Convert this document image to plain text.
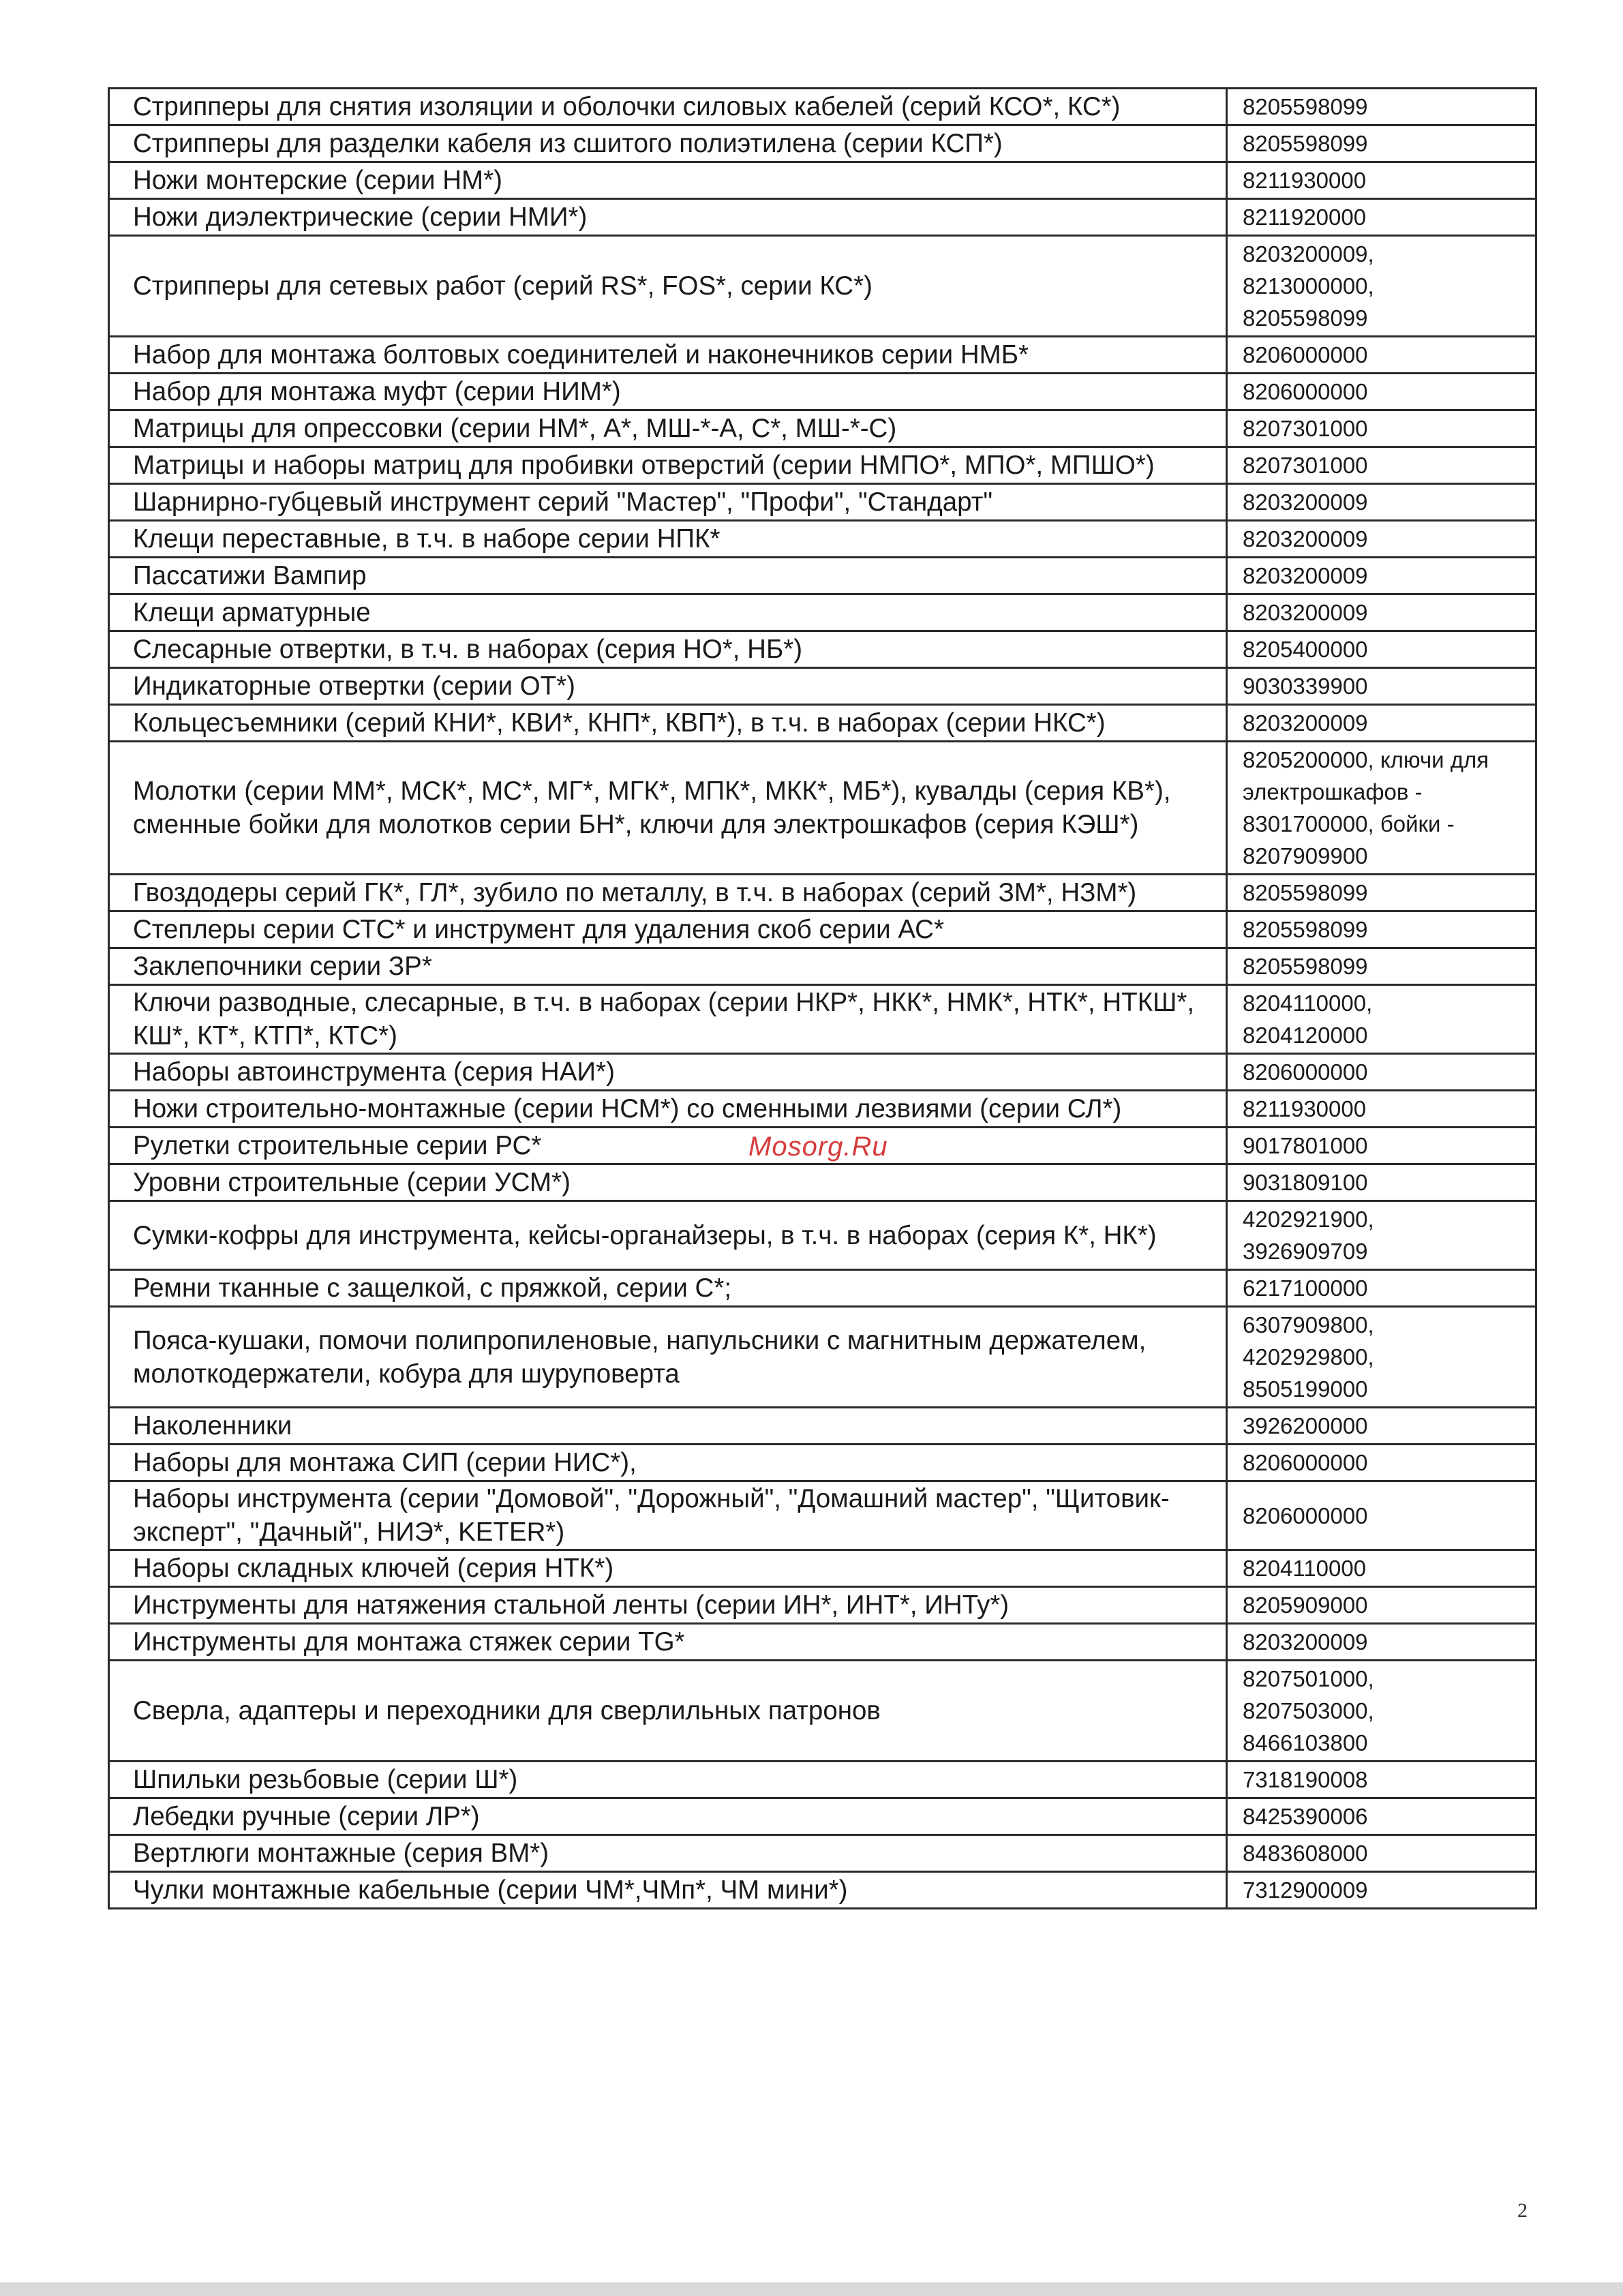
Стрипперы для снятия изоляции и оболочки силовых кабелей (серий КСО*, КС*)	8205598099

Стрипперы для разделки кабеля из сшитого полиэтилена (серии КСП*)	8205598099

Ножи монтерские (серии НМ*)	8211930000

Ножи диэлектрические (серии НМИ*)	8211920000

Стрипперы для сетевых работ (серий RS*, FOS*, серии КС*)	8203200009,
8213000000,
8205598099

Набор для монтажа болтовых соединителей и наконечников серии НМБ*	8206000000

Набор для монтажа муфт (серии НИМ*)	8206000000

Матрицы для опрессовки (серии НМ*, А*, МШ-*-А, С*, МШ-*-С)	8207301000

Матрицы и наборы матриц для пробивки отверстий (серии НМПО*, МПО*, МПШО*)	8207301000

Шарнирно-губцевый инструмент серий "Мастер", "Профи", "Стандарт"	8203200009

Клещи переставные, в т.ч. в наборе серии НПК*	8203200009

Пассатижи Вампир	8203200009

Клещи арматурные	8203200009

Слесарные отвертки, в т.ч. в наборах (серия НО*, НБ*)	8205400000

Индикаторные отвертки (серии ОТ*)	9030339900

Кольцесъемники (серий КНИ*, КВИ*, КНП*, КВП*), в т.ч. в наборах (серии НКС*)	8203200009

Молотки (серии ММ*, МСК*, МС*, МГ*, МГК*, МПК*, МКК*, МБ*), кувалды (серия КВ*), сменные бойки для молотков серии БН*, ключи для электрошкафов (серия КЭШ*)	8205200000, ключи для
электрошкафов -
8301700000, бойки -
8207909900

Гвоздодеры серий ГК*, ГЛ*, зубило по металлу, в т.ч. в наборах (серий ЗМ*, НЗМ*)	8205598099

Степлеры серии СТС* и инструмент для удаления скоб серии АС*	8205598099

Заклепочники серии ЗР*	8205598099

Ключи разводные, слесарные, в т.ч. в наборах (серии НКР*, НКК*, НМК*, НТК*, НТКШ*, КШ*, КТ*, КТП*, КТС*)	8204110000,
8204120000

Наборы автоинструмента (серия НАИ*)	8206000000

Ножи строительно-монтажные (серии НСМ*) со сменными лезвиями (серии СЛ*)	8211930000

Рулетки строительные серии РС*	9017801000

Уровни строительные (серии УСМ*)	9031809100

Сумки-кофры для инструмента, кейсы-органайзеры, в т.ч. в наборах (серия К*, НК*)	4202921900,
3926909709

Ремни тканные с защелкой, с пряжкой, серии С*;	6217100000

Пояса-кушаки, помочи полипропиленовые, напульсники с магнитным держателем, молоткодержатели, кобура для шуруповерта	6307909800,
4202929800,
8505199000

Наколенники	3926200000

Наборы для монтажа СИП (серии НИС*),	8206000000

Наборы инструмента (серии "Домовой", "Дорожный", "Домашний мастер", "Щитовик-эксперт", "Дачный", НИЭ*, KETER*)	8206000000

Наборы складных ключей (серия НТК*)	8204110000

Инструменты для натяжения стальной ленты (серии ИН*, ИНТ*, ИНТу*)	8205909000

Инструменты для монтажа стяжек серии TG*	8203200009

Сверла, адаптеры и переходники для сверлильных патронов	8207501000,
8207503000,
8466103800

Шпильки резьбовые (серии Ш*)	7318190008

Лебедки ручные (серии ЛР*)	8425390006

Вертлюги монтажные (серия ВМ*)	8483608000

Чулки монтажные кабельные (серии ЧМ*,ЧМп*, ЧМ мини*)	7312900009
Mosorg.Ru
2
